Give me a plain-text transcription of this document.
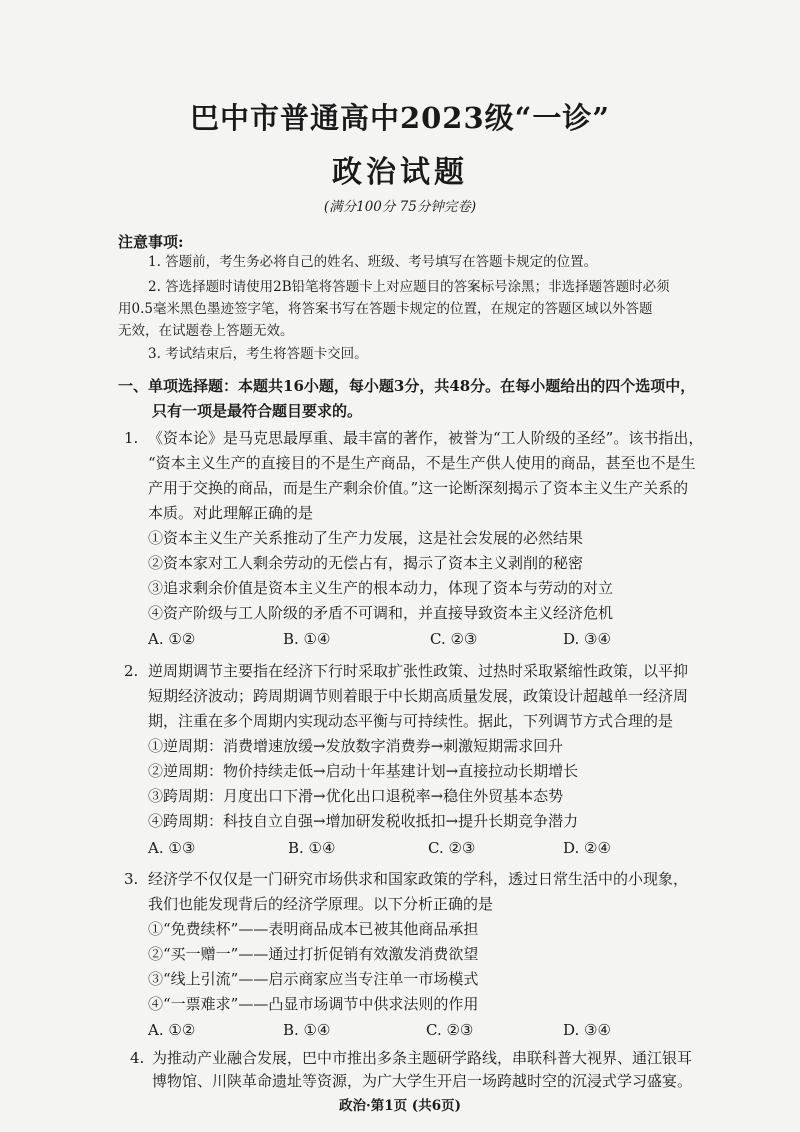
巴中市普通高中2023级“一诊”
政治试题
(满分100分 75分钟完卷)
注意事项:
1. 答题前，考生务必将自己的姓名、班级、考号填写在答题卡规定的位置。
2. 答选择题时请使用2B铅笔将答题卡上对应题目的答案标号涂黑；非选择题答题时必须
用0.5毫米黑色墨迹签字笔，将答案书写在答题卡规定的位置，在规定的答题区域以外答题
无效，在试题卷上答题无效。
3. 考试结束后，考生将答题卡交回。
一、单项选择题：本题共16小题，每小题3分，共48分。在每小题给出的四个选项中，
只有一项是最符合题目要求的。
1. 《资本论》是马克思最厚重、最丰富的著作，被誉为“工人阶级的圣经”。该书指出，
“资本主义生产的直接目的不是生产商品，不是生产供人使用的商品，甚至也不是生
产用于交换的商品，而是生产剩余价值。”这一论断深刻揭示了资本主义生产关系的
本质。对此理解正确的是
①资本主义生产关系推动了生产力发展，这是社会发展的必然结果
②资本家对工人剩余劳动的无偿占有，揭示了资本主义剥削的秘密
③追求剩余价值是资本主义生产的根本动力，体现了资本与劳动的对立
④资产阶级与工人阶级的矛盾不可调和，并直接导致资本主义经济危机
A. ①②	B. ①④	C. ②③	D. ③④
2. 逆周期调节主要指在经济下行时采取扩张性政策、过热时采取紧缩性政策，以平抑
短期经济波动；跨周期调节则着眼于中长期高质量发展，政策设计超越单一经济周
期，注重在多个周期内实现动态平衡与可持续性。据此，下列调节方式合理的是
①逆周期：消费增速放缓→发放数字消费券→刺激短期需求回升
②逆周期：物价持续走低→启动十年基建计划→直接拉动长期增长
③跨周期：月度出口下滑→优化出口退税率→稳住外贸基本态势
④跨周期：科技自立自强→增加研发税收抵扣→提升长期竞争潜力
A. ①③	B. ①④	C. ②③	D. ②④
3. 经济学不仅仅是一门研究市场供求和国家政策的学科，透过日常生活中的小现象，
我们也能发现背后的经济学原理。以下分析正确的是
①“免费续杯”——表明商品成本已被其他商品承担
②“买一赠一”——通过打折促销有效激发消费欲望
③“线上引流”——启示商家应当专注单一市场模式
④“一票难求”——凸显市场调节中供求法则的作用
A. ①②	B. ①④	C. ②③	D. ③④
政治·第1页 (共6页)
4. 为推动产业融合发展，巴中市推出多条主题研学路线，串联科普大视界、通江银耳
博物馆、川陕革命遗址等资源，为广大学生开启一场跨越时空的沉浸式学习盛宴。
